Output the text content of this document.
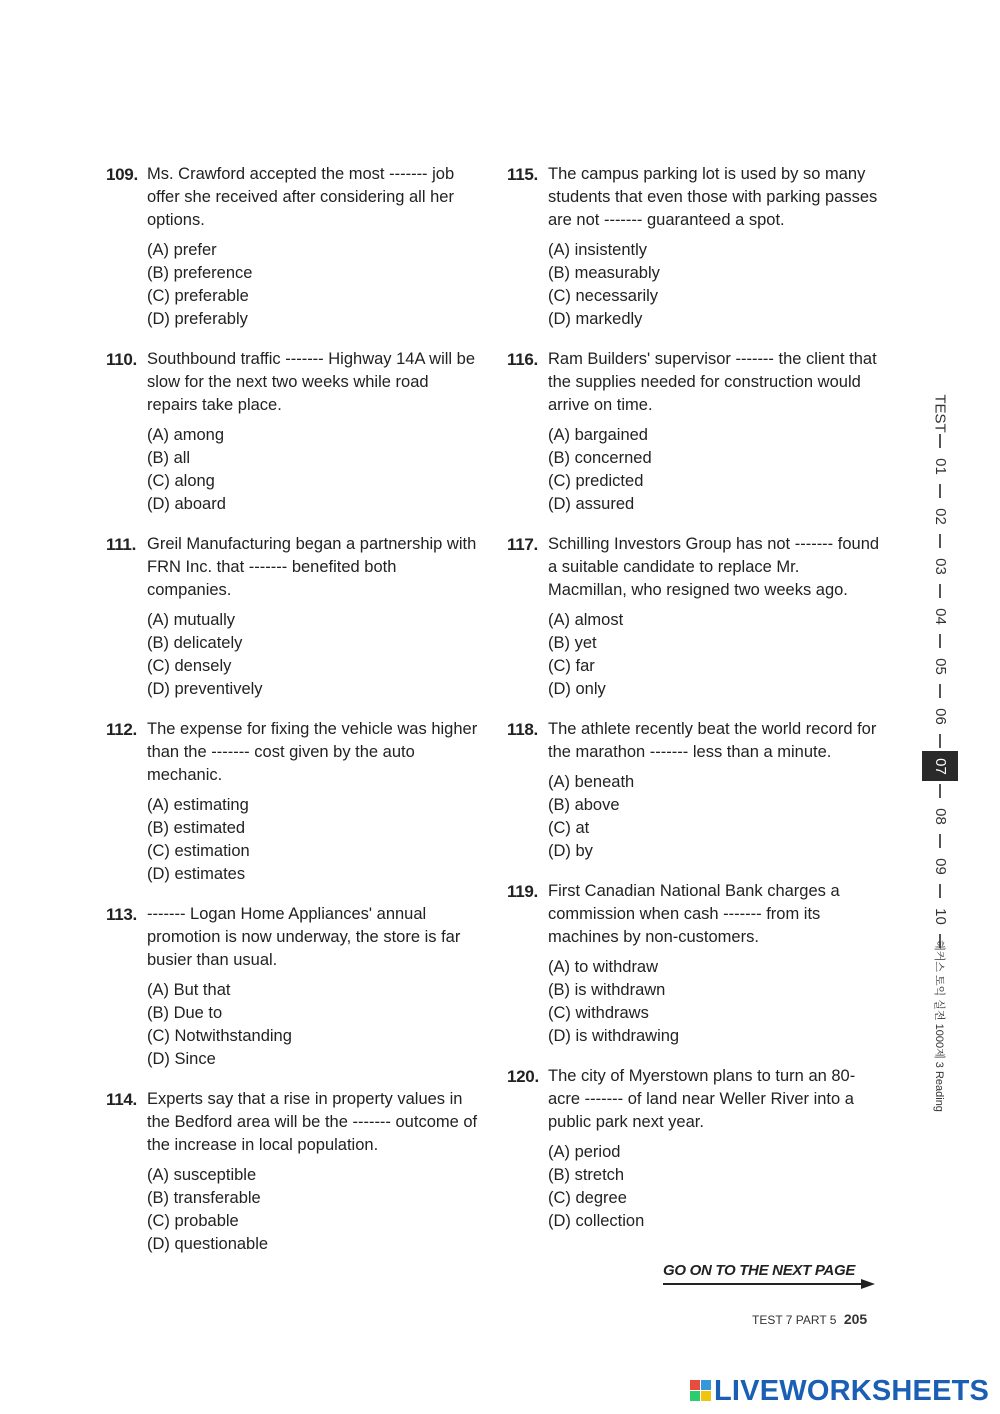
109. Ms. Crawford accepted the most ------- job offer she received after considering all her options.

(A) prefer
(B) preference
(C) preferable
(D) preferably
110. Southbound traffic ------- Highway 14A will be slow for the next two weeks while road repairs take place.

(A) among
(B) all
(C) along
(D) aboard
111. Greil Manufacturing began a partnership with FRN Inc. that ------- benefited both companies.

(A) mutually
(B) delicately
(C) densely
(D) preventively
112. The expense for fixing the vehicle was higher than the ------- cost given by the auto mechanic.

(A) estimating
(B) estimated
(C) estimation
(D) estimates
113. ------- Logan Home Appliances' annual promotion is now underway, the store is far busier than usual.

(A) But that
(B) Due to
(C) Notwithstanding
(D) Since
114. Experts say that a rise in property values in the Bedford area will be the ------- outcome of the increase in local population.

(A) susceptible
(B) transferable
(C) probable
(D) questionable
115. The campus parking lot is used by so many students that even those with parking passes are not ------- guaranteed a spot.

(A) insistently
(B) measurably
(C) necessarily
(D) markedly
116. Ram Builders' supervisor ------- the client that the supplies needed for construction would arrive on time.

(A) bargained
(B) concerned
(C) predicted
(D) assured
117. Schilling Investors Group has not ------- found a suitable candidate to replace Mr. Macmillan, who resigned two weeks ago.

(A) almost
(B) yet
(C) far
(D) only
118. The athlete recently beat the world record for the marathon ------- less than a minute.

(A) beneath
(B) above
(C) at
(D) by
119. First Canadian National Bank charges a commission when cash ------- from its machines by non-customers.

(A) to withdraw
(B) is withdrawn
(C) withdraws
(D) is withdrawing
120. The city of Myerstown plans to turn an 80-acre ------- of land near Weller River into a public park next year.

(A) period
(B) stretch
(C) degree
(D) collection
TEST
01
02
03
04
05
06
07
08
09
10
해커스 토익 실전 1000제 3 Reading
GO ON TO THE NEXT PAGE
TEST 7 PART 5 205
LIVEWORKSHEETS
